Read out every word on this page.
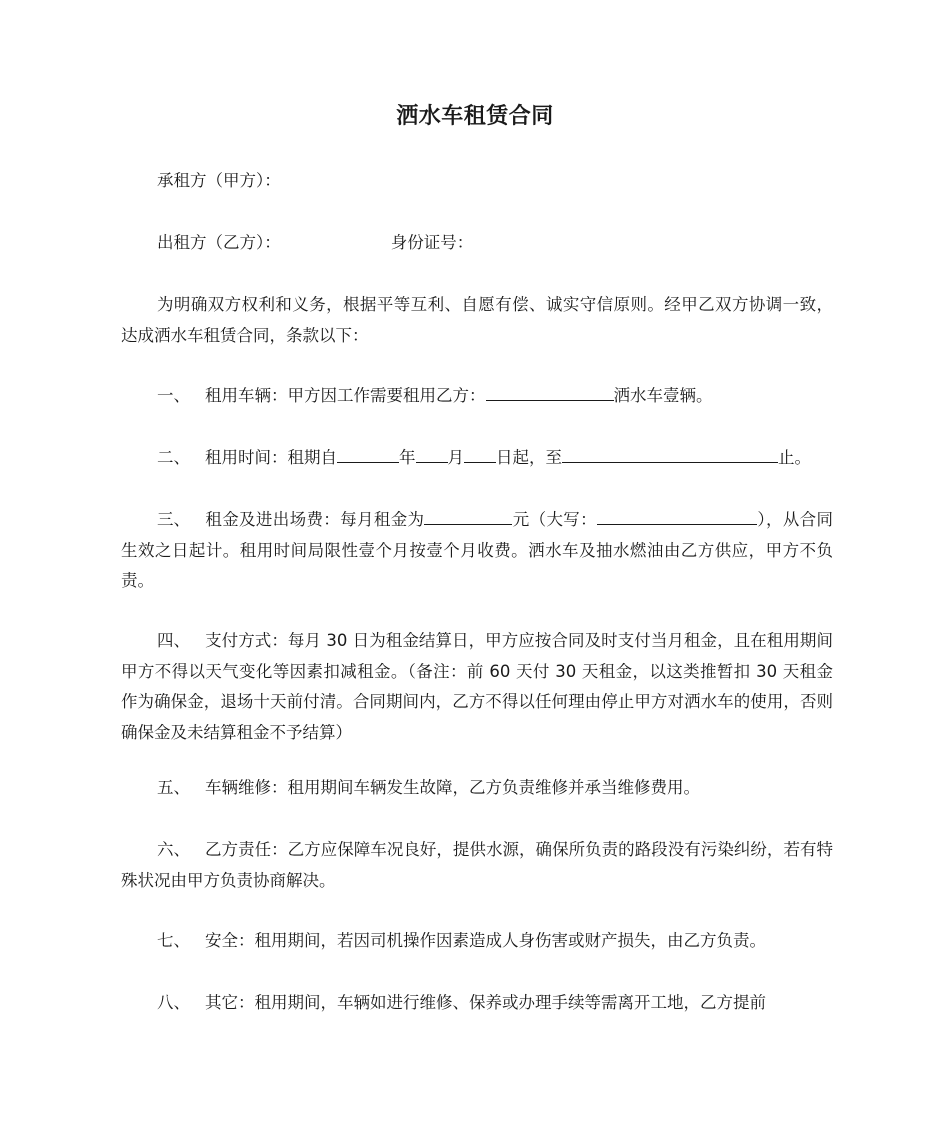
洒水车租赁合同

承租方（甲方）：

出租方（乙方）：	身份证号：

为明确双方权利和义务，根据平等互利、自愿有偿、诚实守信原则。经甲乙双方协调一致，达成洒水车租赁合同，条款以下：

一、 租用车辆：甲方因工作需要租用乙方：	洒水车壹辆。

二、 租用时间：租期自	年 月 日起，至	止。

三、 租金及进出场费：每月租金为	元（大写：	），从合同生效之日起计。租用时间局限性壹个月按壹个月收费。洒水车及抽水燃油由乙方供应，甲方不负责。

四、 支付方式：每月 30 日为租金结算日，甲方应按合同及时支付当月租金，且在租用期间甲方不得以天气变化等因素扣减租金。（备注：前 60 天付 30 天租金，以这类推暂扣 30 天租金作为确保金，退场十天前付清。合同期间内，乙方不得以任何理由停止甲方对洒水车的使用，否则确保金及未结算租金不予结算）

五、 车辆维修：租用期间车辆发生故障，乙方负责维修并承当维修费用。

六、 乙方责任：乙方应保障车况良好，提供水源，确保所负责的路段没有污染纠纷，若有特殊状况由甲方负责协商解决。

七、 安全：租用期间，若因司机操作因素造成人身伤害或财产损失，由乙方负责。

八、 其它：租用期间，车辆如进行维修、保养或办理手续等需离开工地，乙方提前
